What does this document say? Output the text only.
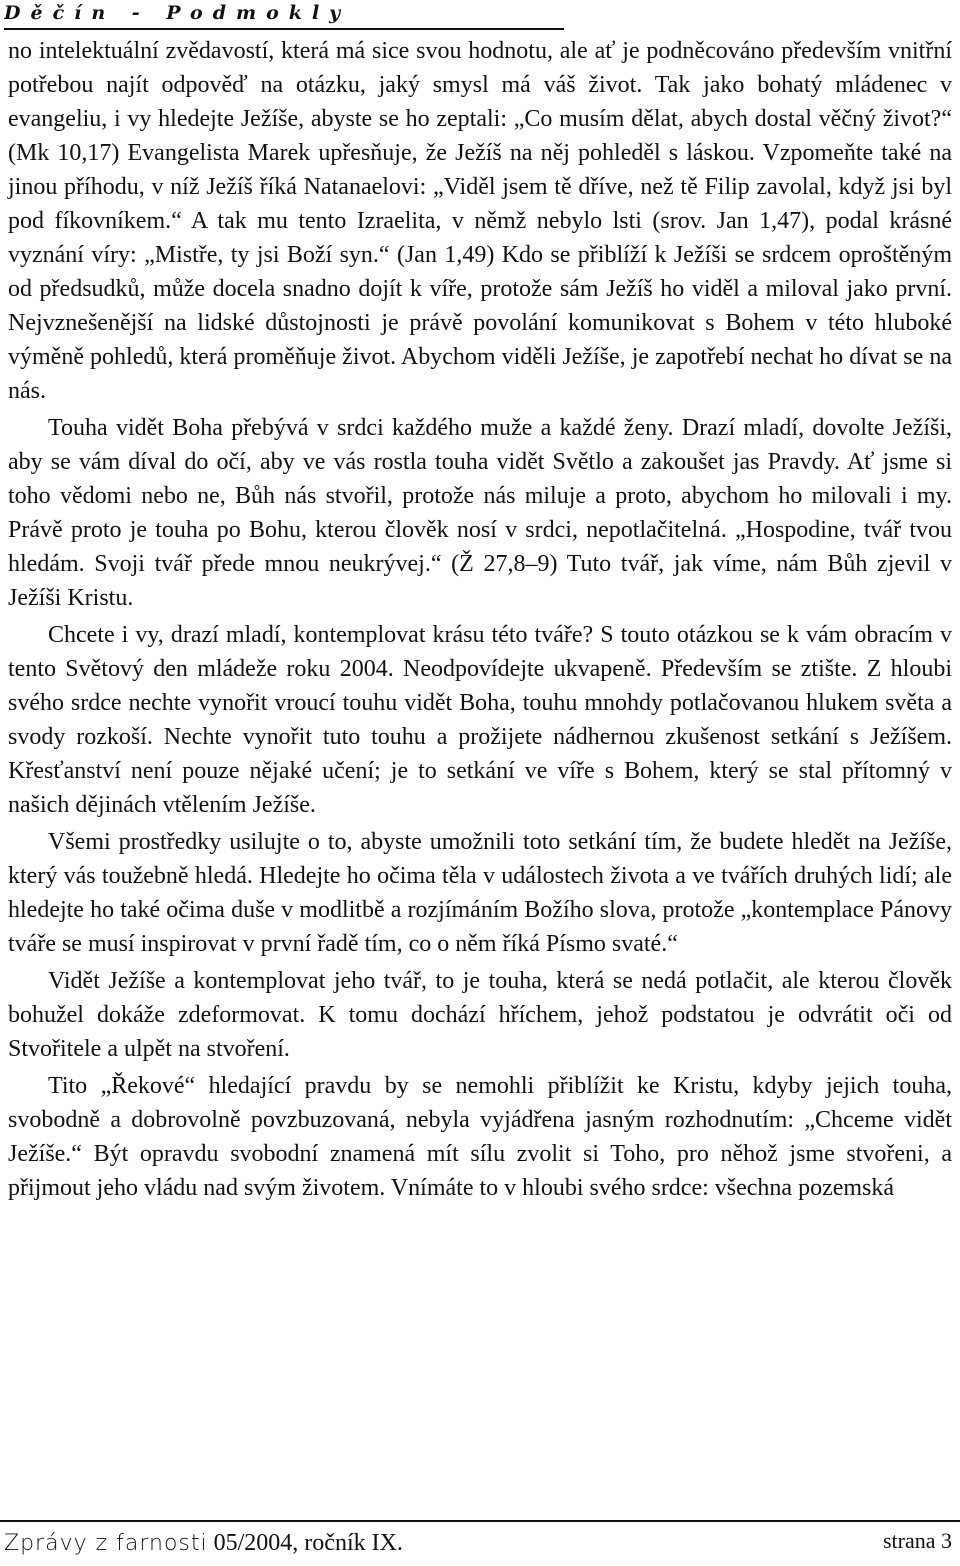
Děčín - Podmokly

no intelektuální zvědavostí, která má sice svou hodnotu, ale ať je podněcováno především vnitřní potřebou najít odpověď na otázku, jaký smysl má váš život. Tak jako bohatý mládenec v evangeliu, i vy hledejte Ježíše, abyste se ho zeptali: „Co musím dělat, abych dostal věčný život?“ (Mk 10,17) Evangelista Marek upřesňuje, že Ježíš na něj pohleděl s láskou. Vzpomeňte také na jinou příhodu, v níž Ježíš říká Natanaelovi: „Viděl jsem tě dříve, než tě Filip zavolal, když jsi byl pod fíkovníkem.“ A tak mu tento Izraelita, v němž nebylo lsti (srov. Jan 1,47), podal krásné vyznání víry: „Mistře, ty jsi Boží syn.“ (Jan 1,49) Kdo se přiblíží k Ježíši se srdcem oproštěným od předsudků, může docela snadno dojít k víře, protože sám Ježíš ho viděl a miloval jako první. Nejvznešenější na lidské důstojnosti je právě povolání komunikovat s Bohem v této hluboké výměně pohledů, která proměňuje život. Abychom viděli Ježíše, je zapotřebí nechat ho dívat se na nás.

Touha vidět Boha přebývá v srdci každého muže a každé ženy. Drazí mladí, dovolte Ježíši, aby se vám díval do očí, aby ve vás rostla touha vidět Světlo a zakoušet jas Pravdy. Ať jsme si toho vědomi nebo ne, Bůh nás stvořil, protože nás miluje a proto, abychom ho milovali i my. Právě proto je touha po Bohu, kterou člověk nosí v srdci, nepotlačitelná. „Hospodine, tvář tvou hledám. Svoji tvář přede mnou neukrývej.“ (Ž 27,8–9) Tuto tvář, jak víme, nám Bůh zjevil v Ježíši Kristu.

Chcete i vy, drazí mladí, kontemplovat krásu této tváře? S touto otázkou se k vám obracím v tento Světový den mládeže roku 2004. Neodpovídejte ukvapeně. Především se ztište. Z hloubi svého srdce nechte vynořit vroucí touhu vidět Boha, touhu mnohdy potlačovanou hlukem světa a svody rozkoší. Nechte vynořit tuto touhu a prožijete nádhernou zkušenost setkání s Ježíšem. Křesťanství není pouze nějaké učení; je to setkání ve víře s Bohem, který se stal přítomný v našich dějinách vtělením Ježíše.

Všemi prostředky usilujte o to, abyste umožnili toto setkání tím, že budete hledět na Ježíše, který vás toužebně hledá. Hledejte ho očima těla v událostech života a ve tvářích druhých lidí; ale hledejte ho také očima duše v modlitbě a rozjímáním Božího slova, protože „kontemplace Pánovy tváře se musí inspirovat v první řadě tím, co o něm říká Písmo svaté.“

Vidět Ježíše a kontemplovat jeho tvář, to je touha, která se nedá potlačit, ale kterou člověk bohužel dokáže zdeformovat. K tomu dochází hříchem, jehož podstatou je odvrátit oči od Stvořitele a ulpět na stvoření.

Tito „Řekové“ hledající pravdu by se nemohli přiblížit ke Kristu, kdyby jejich touha, svobodně a dobrovolně povzbuzovaná, nebyla vyjádřena jasným rozhodnutím: „Chceme vidět Ježíše.“ Být opravdu svobodní znamená mít sílu zvolit si Toho, pro něhož jsme stvořeni, a přijmout jeho vládu nad svým životem. Vnímáte to v hloubi svého srdce: všechna pozemská

Zprávy z farnosti 05/2004, ročník IX.	strana 3
